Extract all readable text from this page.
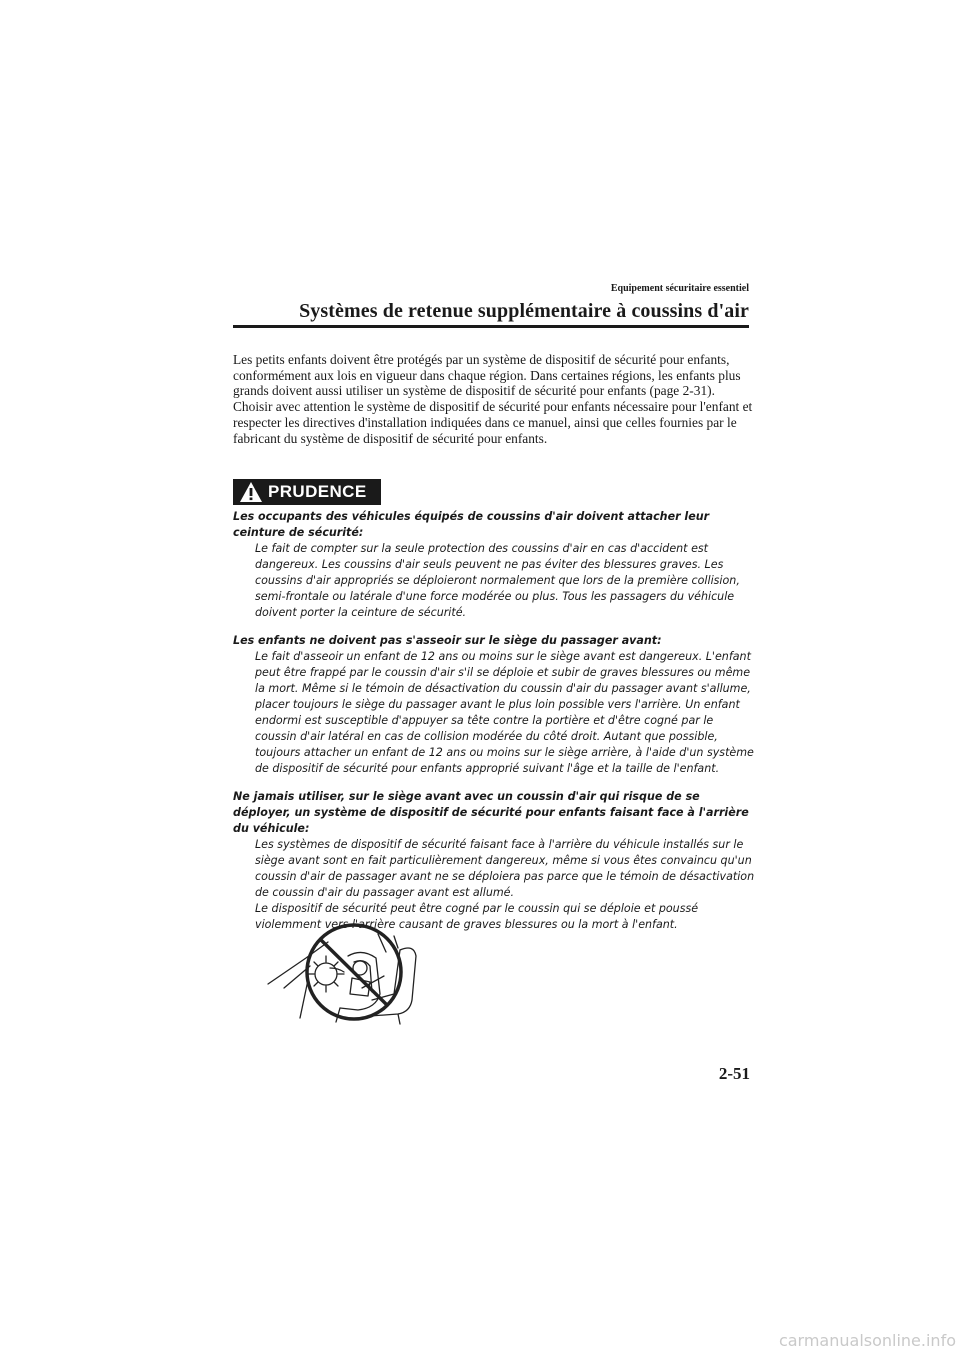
Equipement sécuritaire essentiel
Systèmes de retenue supplémentaire à coussins d'air

Les petits enfants doivent être protégés par un système de dispositif de sécurité pour enfants, conformément aux lois en vigueur dans chaque région. Dans certaines régions, les enfants plus grands doivent aussi utiliser un système de dispositif de sécurité pour enfants (page 2-31).

Choisir avec attention le système de dispositif de sécurité pour enfants nécessaire pour l'enfant et respecter les directives d'installation indiquées dans ce manuel, ainsi que celles fournies par le fabricant du système de dispositif de sécurité pour enfants.

PRUDENCE

Les occupants des véhicules équipés de coussins d'air doivent attacher leur ceinture de sécurité:

Le fait de compter sur la seule protection des coussins d'air en cas d'accident est dangereux. Les coussins d'air seuls peuvent ne pas éviter des blessures graves. Les coussins d'air appropriés se déploieront normalement que lors de la première collision, semi-frontale ou latérale d'une force modérée ou plus. Tous les passagers du véhicule doivent porter la ceinture de sécurité.

Les enfants ne doivent pas s'asseoir sur le siège du passager avant:

Le fait d'asseoir un enfant de 12 ans ou moins sur le siège avant est dangereux. L'enfant peut être frappé par le coussin d'air s'il se déploie et subir de graves blessures ou même la mort. Même si le témoin de désactivation du coussin d'air du passager avant s'allume, placer toujours le siège du passager avant le plus loin possible vers l'arrière. Un enfant endormi est susceptible d'appuyer sa tête contre la portière et d'être cogné par le coussin d'air latéral en cas de collision modérée du côté droit. Autant que possible, toujours attacher un enfant de 12 ans ou moins sur le siège arrière, à l'aide d'un système de dispositif de sécurité pour enfants approprié suivant l'âge et la taille de l'enfant.

Ne jamais utiliser, sur le siège avant avec un coussin d'air qui risque de se déployer, un système de dispositif de sécurité pour enfants faisant face à l'arrière du véhicule:

Les systèmes de dispositif de sécurité faisant face à l'arrière du véhicule installés sur le siège avant sont en fait particulièrement dangereux, même si vous êtes convaincu qu'un coussin d'air de passager avant ne se déploiera pas parce que le témoin de désactivation de coussin d'air du passager avant est allumé.

Le dispositif de sécurité peut être cogné par le coussin qui se déploie et poussé violemment vers l'arrière causant de graves blessures ou la mort à l'enfant.

2-51
carmanualsonline.info
